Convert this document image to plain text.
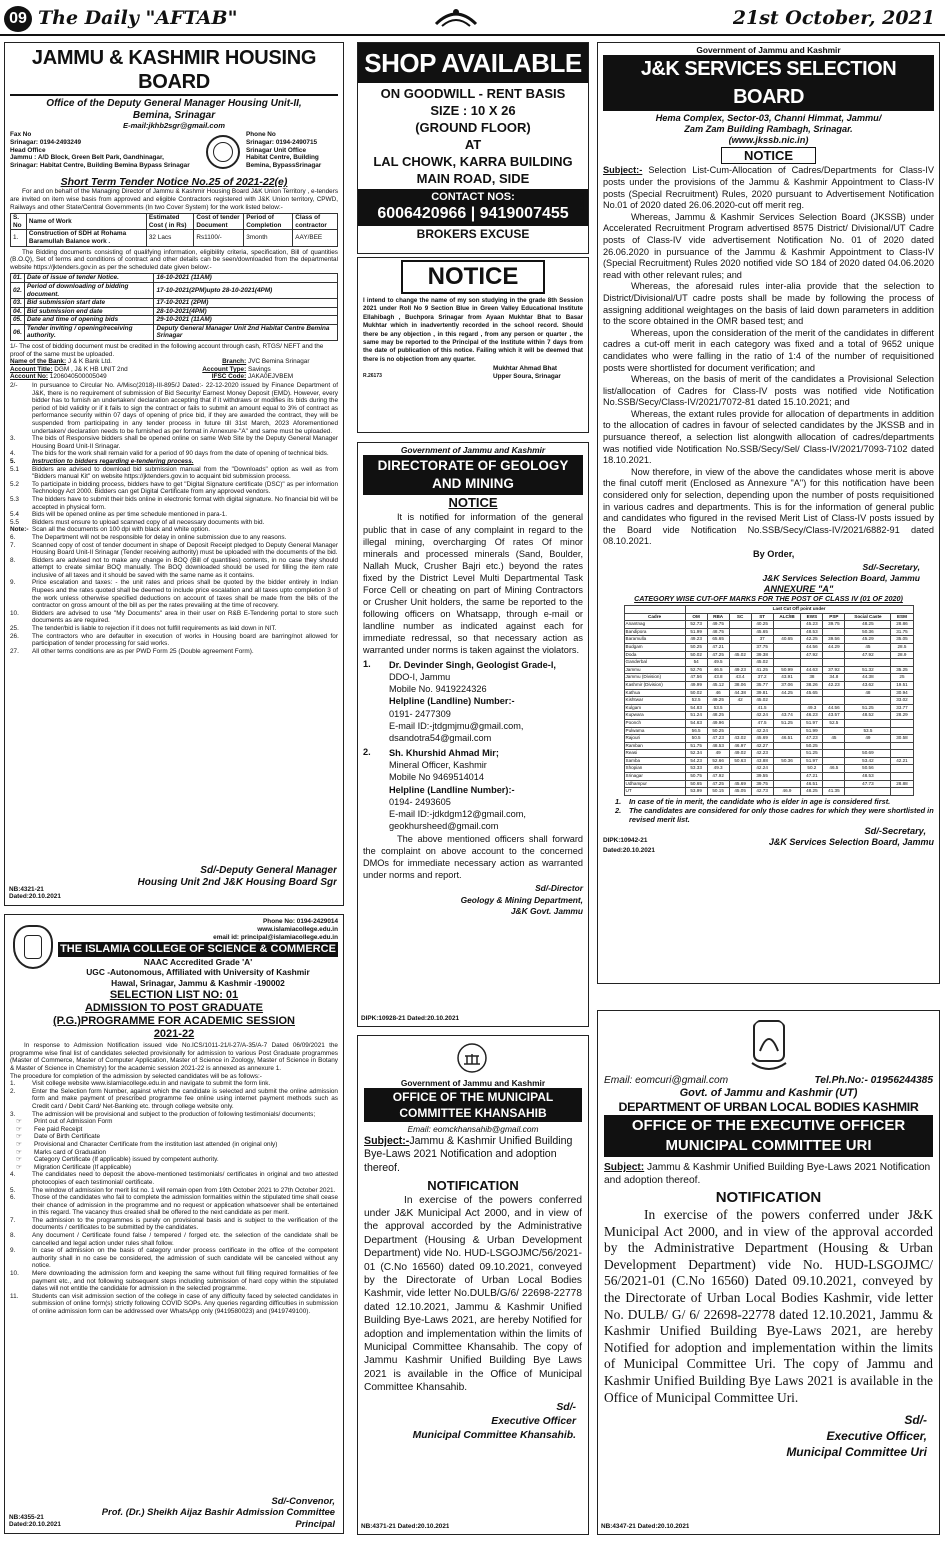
09 The Daily "AFTAB"	21st October, 2021
JAMMU & KASHMIR HOUSING BOARD
Office of the Deputy General Manager Housing Unit-II,
Bemina, Srinagar
E-mail:jkhb2sgr@gmail.com
Fax No
Srinagar: 0194-2493249
Head Office
Jammu : A/D Block, Green Belt Park, Gandhinagar,
Srinagar: Habitat Centre, Building Bemina Bypass Srinagar
Phone No
Srinagar: 0194-2490715
Srinagar Unit Office
Habitat Centre, Building
Bemina, BypassSrinagar
Short Term Tender Notice No.25 of 2021-22(e)

For and on behalf of the Managing Director of Jammu & Kashmir Housing Board J&K Union Territory , e-tenders are invited on item wise basis from approved and eligible Contractors registered with J&K Union territory, CPWD, Railways and other State/Central Governments (In two Cover System) for the work listed below:-

S. No	Name of Work	Estimated Cost ( in Rs)	Cost of tender Document	Period of Completion	Class of contractor
1.	Construction of SDH at Rohama Baramullah Balance work .	32 Lacs	Rs1100/-	3month	AAY/BEE

The Bidding documents consisting of qualifying information, eligibility criteria, specification, Bill of quantities (B.O.Q), Set of terms and conditions of contract and other details can be seen/downloaded from the departmental website https://jktenders.gov.in as per the scheduled date given below:-

01.	Date of issue of tender Notice.	16-10-2021 (11AM)
02.	Period of downloading of bidding document.	17-10-2021(2PM)upto 28-10-2021(4PM)
03.	Bid submission start date	17-10-2021 (2PM)
04.	Bid submission end date	28-10-2021(4PM)
05.	Date and time of opening bids	29-10-2021 (11AM)
06.	Tender inviting / opening/receiving authority.	Deputy General Manager Unit 2nd Habitat Centre Bemina Srinagar

1/- The cost of bidding document must be credited in the following account through cash, RTGS/ NEFT and the proof of the same must be uploaded.

Name of the Bank:
J & K Bank Ltd.	Branch:
JVC Bemina Srinagar
Account Title:
DGM , J& K HB UNIT 2nd	Account Type:
Savings
Account No:
1206040500005049	IFSC Code:
JAKA0EJVBEM
2/-	In pursuance to Circular No. A/Misc(2018)-III-895/J Dated:- 22-12-2020 issued by Finance Department of J&K, there is no requirement of submission of Bid Security/ Earnest Money Deposit (EMD). However, every bidder has to furnish an undertaken/ declaration accepting that if it withdraws or modifies its bids during the period of bid validity or if it fails to sign the contract or fails to submit an amount equal to 3% of contract as performance security within 07 days of opening of price bid, if they are awarded the contract, they will be suspended from participating in any tender process in future till 31st March, 2023 Aforementioned undertaken/ declaration needs to be furnished as per format in Annexure-"A" and same must be uploaded.
3.	The bids of Responsive bidders shall be opened online on same Web Site by the Deputy General Manager Housing Board Unit-II Srinagar.
4.	The bids for the work shall remain valid for a period of 90 days from the date of opening of technical bids.
5.	Instruction to bidders regarding e-tendering process.
5.1	Bidders are advised to download bid submission manual from the "Downloads" option as well as from "Bidders manual Kit" on website https://jktenders.gov.in to acquaint bid submission process.
5.2	To participate in bidding process, bidders have to get "Digital Signature certificate (DSC)" as per information Technology Act 2000. Bidders can get Digital Certificate from any approved vendors.
5.3	The bidders have to submit their bids online in electronic format with digital signature. No financial bid will be accepted in physical form.
5.4	Bids will be opened online as per time schedule mentioned in para-1.
5.5	Bidders must ensure to upload scanned copy of all necessary documents with bid.
Note:- Scan all the documents on 100 dpi with black and white option.
6.	The Department will not be responsible for delay in online submission due to any reasons.
7.	Scanned copy of cost of tender document in shape of Deposit Receipt pledged to Deputy General Manager Housing Board Unit-II Srinagar (Tender receiving authority) must be uploaded with the documents of the bid.
8.	Bidders are advised not to make any change in BOQ (Bill of quantities) contents, in no case they should attempt to create similar BOQ manually. The BOQ downloaded should be used for filling the item rate inclusive of all taxes and it should be saved with the same name as it contains.
9.	Price escalation and taxes: - the unit rates and prices shall be quoted by the bidder entirely in Indian Rupees and the rates quoted shall be deemed to include price escalation and all taxes upto completion 3 of the work unless otherwise specified deductions on account of taxes shall be made from the bills of the contractor on gross amount of the bill as per the rates prevailing at the time of recovery.
10.	Bidders are advised to use "My Documents" area in their user on R&B E-Tendering portal to store such documents as are required.
25.	The tender/bid is liable to rejection if it does not fulfill requirements as laid down in NIT.
26.	The contractors who are defaulter in execution of works in Housing board are barring/not allowed for participation of tender processing for said works.
27.	All other terms conditions are as per PWD Form 25 (Double agreement Form).
Sd/-Deputy General Manager
Housing Unit 2nd J&K Housing Board Sgr
NB:4321-21
Dated:20.10.2021
SHOP AVAILABLE
ON GOODWILL - RENT BASIS
SIZE : 10 X 26
(GROUND FLOOR)
AT
LAL CHOWK, KARRA BUILDING
MAIN ROAD, SIDE
R.26370
CONTACT NOS:
6006420966 | 9419007455
BROKERS EXCUSE
NOTICE

I intend to change the name of my son studying in the grade 8th Session 2021 under Roll No 9 Section Blue in Green Valley Educational Institute Ellahibagh , Buchpora Srinagar from Ayaan Mukhtar Bhat to Basar Mukhtar which in inadvertently recorded in the school record. Should there be any objection , in this regard , from any person or quarter , the same may be reported to the Principal of the Institute within 7 days from the date of publication of this notice. Failing which it will be deemed that there is no objection from any quarter.

Mukhtar Ahmad Bhat
R.26173	Upper Soura, Srinagar
Government of Jammu and Kashmir
DIRECTORATE OF GEOLOGY AND MINING
NOTICE

It is notified for information of the general public that in case of any complaint in regard to the illegal mining, overcharging Of rates Of minor minerals and processed minerals (Sand, Boulder, Nallah Muck, Crusher Bajri etc.) beyond the rates fixed by the District Level Multi Departmental Task Force Cell or cheating on part of Mining Contractors or Crusher Unit holders, the same be reported to the following officers on Whatsapp, through e-mail or landline number as indicated against each for immediate redressal, so that necessary action as warranted under norms is taken against the violators.

1.	Dr. Devinder Singh, Geologist Grade-I,
DDO-I, Jammu
Mobile No. 9419224326
Helpline (Landline) Number:-
0191- 2477309
E-mail ID:-jtdgmjmu@gmail.com,
dsandotra54@gmail.com
2.	Sh. Khurshid Ahmad Mir;
Mineral Officer, Kashmir
Mobile No 9469514014
Helpline (Landline Number):-
0194- 2493605
E-mail ID:-jdkdgm12@gmail.com,
geokhursheed@gmail.com

The above mentioned officers shall forward the complaint on above account to the concerned DMOs for immediate necessary action as warranted under norms and report.

Sd/-Director
Geology & Mining Department,
J&K Govt. Jammu
DIPK:10928-21 Dated:20.10.2021
Government of Jammu and Kashmir
J&K SERVICES SELECTION BOARD
Hema Complex, Sector-03, Channi Himmat, Jammu/
Zam Zam Building Rambagh, Srinagar.
(www.jkssb.nic.in)
NOTICE

Subject:- Selection List-Cum-Allocation of Cadres/Departments for Class-IV posts under the provisions of the Jammu & Kashmir Appointment to Class-IV posts (Special Recruitment) Rules, 2020 pursuant to Advertisement Notification No.01 of 2020 dated 26.06.2020-cut off merit reg.

Whereas, Jammu & Kashmir Services Selection Board (JKSSB) under Accelerated Recruitment Program advertised 8575 District/ Divisional/UT Cadre posts of Class-IV vide advertisement Notification No. 01 of 2020 dated 26.06.2020 in pursuance of the Jammu & Kashmir Appointment to Class-IV (Special Recruitment) Rules 2020 notified vide SO 184 of 2020 dated 04.06.2020 read with other relevant rules; and

Whereas, the aforesaid rules inter-alia provide that the selection to District/Divisional/UT cadre posts shall be made by following the process of assigning additional weightages on the basis of laid down parameters in addition to the score obtained in the OMR based test; and

Whereas, upon the consideration of the merit of the candidates in different cadres a cut-off merit in each category was fixed and a total of 9652 unique candidates who were falling in the ratio of 1:4 of the number of requisitioned posts were shortlisted for document verification; and

Whereas, on the basis of merit of the candidates a Provisional Selection list/allocation of Cadres for Class-IV posts was notified vide Notification No.SSB/Secy/Class-IV/2021/7072-81 dated 15.10.2021; and

Whereas, the extant rules provide for allocation of departments in addition to the allocation of cadres in favour of selected candidates by the JKSSB and in pursuance thereof, a selection list alongwith allocation of cadres/departments was notified vide Notification No.SSB/Secy/Sel/ Class-IV/2021/7093-7102 dated 18.10.2021.

Now therefore, in view of the above the candidates whose merit is above the final cutoff merit (Enclosed as Annexure "A") for this notification have been considered only for selection, depending upon the number of posts requisitioned in various cadres and departments. This is for the information of general public and candidates who figured in the revised Merit List of Class-IV posts issued by the Board vide Notification No.SSB/Secy/Class-IV/2021/6882-91 dated 08.10.2021.

By Order,
Sd/-Secretary,
J&K Services Selection Board, Jammu
ANNEXURE "A"
CATEGORY WISE CUT-OFF MARKS FOR THE POST OF CLASS IV (01 OF 2020)
	Last Cut Off point under								
Cadre	OM	RBA	SC	ST	ALC/IB	EWS	PSP	Social Caste	ESM
Anantnag	52.73	49.75		40.25		45.23	39.75	48.25	28.86
Bandipora	51.99	48.75		45.65		48.53		50.36	31.75
Baramulla	49.23	65.65		37	40.65	42.25	39.56	45.29	35.05
Budgam	50.25	47.21		37.75		44.56	44.29	45	28.5
Doda	50.02	47.25	45.02	39.38		47.92		47.92	28.9
Ganderbal	54	49.5		45.02					
Jammu	52.76	46.5	49.23	41.25	50.99	44.63	37.92	51.32	35.25
Jammu (Division)	47.56	43.8	43.4	37.2	43.91	38	34.8	44.38	25
Kashmir (Division)	49.99	45.12	38.06	35.77	37.06	38.26	42.23	43.62	19.51
Kathua	50.02	46	44.38	39.81	44.25	45.65		48	30.94
Kishtwar	52.5	49.25	42	45.02					33.02
Kulgam	54.83	53.5		41.5		49.3	44.56	51.25	33.77
Kupwara	51.24	48.25		42.24	43.74	46.23	43.57	48.52	28.29
Poonch	54.63	49.96		47.5	51.25	51.97	52.5		
Pulwama	56.5	50.25		42.24		51.99		53.5	
Rajouri	50.5	47.23	43.02	45.69	46.51	47.23	45	49	30.58
Ramban	51.75	48.53	46.97	42.27		50.25			
Reasi	52.34	49	49.02	42.23		51.25		50.69	
Samba	54.23	52.66	50.63	43.88	50.36	51.97		53.42	42.21
Shopian	53.33	49.3		42.24		50.2	46.5	50.56	
Srinagar	50.75	47.92		39.55		47.21		48.53	
Udhampur	50.65	47.25	45.69	39.75		46.51		47.73	28.88
UT	53.99	50.15	45.05	42.73	46.9	48.25	41.35		
1.	In case of tie in merit, the candidate who is elder in age is considered first.
2.	The candidates are considered for only those cadres for which they were shortlisted in revised merit list.
Sd/-Secretary,
DIPK:10942-21	J&K Services Selection Board, Jammu
Dated:20.10.2021
Phone No: 0194-2429014
www.islamiacollege.edu.in
email id: principal@islamiacollege.edu.in
THE ISLAMIA COLLEGE OF SCIENCE & COMMERCE
NAAC Accredited Grade 'A'
UGC -Autonomous, Affiliated with University of Kashmir
Hawal, Srinagar, Jammu & Kashmir -190002
SELECTION LIST NO: 01
ADMISSION TO POST GRADUATE (P.G.)PROGRAMME FOR ACADEMIC SESSION 2021-22

In response to Admission Notification issued vide No.ICS/1011-21/I-27/A-35/A-7 Dated 06/09/2021 the programme wise final list of candidates selected provisionally for admission to various Post Graduate programmes (Master of Commerce, Master of Computer Application, Master of Science in Zoology, Master of Science in Botany & Master of Science in Chemistry) for the academic session 2021-22 is annexed as annexure 1.

The procedure for completion of the admission by selected candidates will be as follows:-

1.	Visit college website www.islamiacollege.edu.in and navigate to submit the form link.
2.	Enter the Selection form Number, against which the candidate is selected and submit the online admission form and make payment of prescribed programme fee online using internet payment methods such as Credit card / Debit Card/ Net-Banking etc. through college website only.
3.	The admission will be provisional and subject to the production of following testimonials/ documents;
☞	Print out of Admission Form
☞	Fee paid Receipt
☞	Date of Birth Certificate
☞	Provisional and Character Certificate from the institution last attended (in original only)
☞	Marks card of Graduation
☞	Category Certificate (If applicable) issued by competent authority.
☞	Migration Certificate (If applicable)
4.	The candidates need to deposit the above-mentioned testimonials/ certificates in original and two attested photocopies of each testimonial/ certificate.
5.	The window of admission for merit list no. 1 will remain open from 19th October 2021 to 27th October 2021.
6.	Those of the candidates who fail to complete the admission formalities within the stipulated time shall cease their chance of admission in the programme and no request or application whatsoever shall be entertained in this regard. The vacancy thus created shall be offered to the next candidate as per merit.
7.	The admission to the programmes is purely on provisional basis and is subject to the verification of the documents / certificates to be submitted by the candidates.
8.	Any document / Certificate found false / tempered / forged etc. the selection of the candidate shall be cancelled and legal action under rules shall follow.
9.	In case of admission on the basis of category under process certificate in the office of the competent authority shall in no case be considered, the admission of such candidate will be canceled without any notice.
10.	Mere downloading the admission form and keeping the same without full filling required formalities of fee payment etc., and not following subsequent steps including submission of hard copy within the stipulated dates will not entitle the candidate for admission in the selected programme.
11.	Students can visit admission section of the college in case of any difficulty faced by selected candidates in submission of online form(s) strictly following COVID SOPs. Any queries regarding difficulties in submission of online admission form can be addressed over WhatsApp only (9419580023) and (9419749100).
Sd/-Convenor,
Prof. (Dr.) Sheikh Aijaz Bashir Admission Committee
Principal
NB:4355-21
Dated:20.10.2021
Government of Jammu and Kashmir
OFFICE OF THE MUNICIPAL COMMITTEE KHANSAHIB
Email: eomckhansahib@gmail.com

Subject:-Jammu & Kashmir Unified Building Bye-Laws 2021 Notification and adoption thereof.

NOTIFICATION

In exercise of the powers conferred under J&K Municipal Act 2000, and in view of the approval accorded by the Administrative Department (Housing & Urban Development Department) vide No. HUD-LSGOJMC/56/2021-01 (C.No 16560) dated 09.10.2021, conveyed by the Directorate of Urban Local Bodies Kashmir, vide letter No.DULB/G/6/ 22698-22778 dated 12.10.2021, Jammu & Kashmir Unified Building Bye-Laws 2021, are hereby Notified for adoption and implementation within the limits of Municipal Committee Khansahib. The copy of Jammu Kashmir Unified Building Bye Laws 2021 is available in the Office of Municipal Committee Khansahib.

Sd/-
Executive Officer
Municipal Committee Khansahib.
NB:4371-21 Dated:20.10.2021
Email: eomcuri@gmail.com	Tel.Ph.No:- 01956244385
Govt. of Jammu and Kashmir (UT)
DEPARTMENT OF URBAN LOCAL BODIES KASHMIR
OFFICE OF THE EXECUTIVE OFFICER MUNICIPAL COMMITTEE URI

Subject: Jammu & Kashmir Unified Building Bye-Laws 2021 Notification and adoption thereof.

NOTIFICATION

In exercise of the powers conferred under J&K Municipal Act 2000, and in view of the approval accorded by the Administrative Department (Housing & Urban Development Department) vide No. HUD-LSGOJMC/ 56/2021-01 (C.No 16560) Dated 09.10.2021, conveyed by the Directorate of Urban Local Bodies Kashmir, vide letter No. DULB/ G/ 6/ 22698-22778 dated 12.10.2021, Jammu & Kashmir Unified Building Bye-Laws 2021, are hereby Notified for adoption and implementation within the limits of Municipal Committee Uri. The copy of Jammu and Kashmir Unified Building Bye Laws 2021 is available in the Office of Municipal Committee Uri.

Sd/-
Executive Officer,
Municipal Committee Uri
NB:4347-21 Dated:20.10.2021
